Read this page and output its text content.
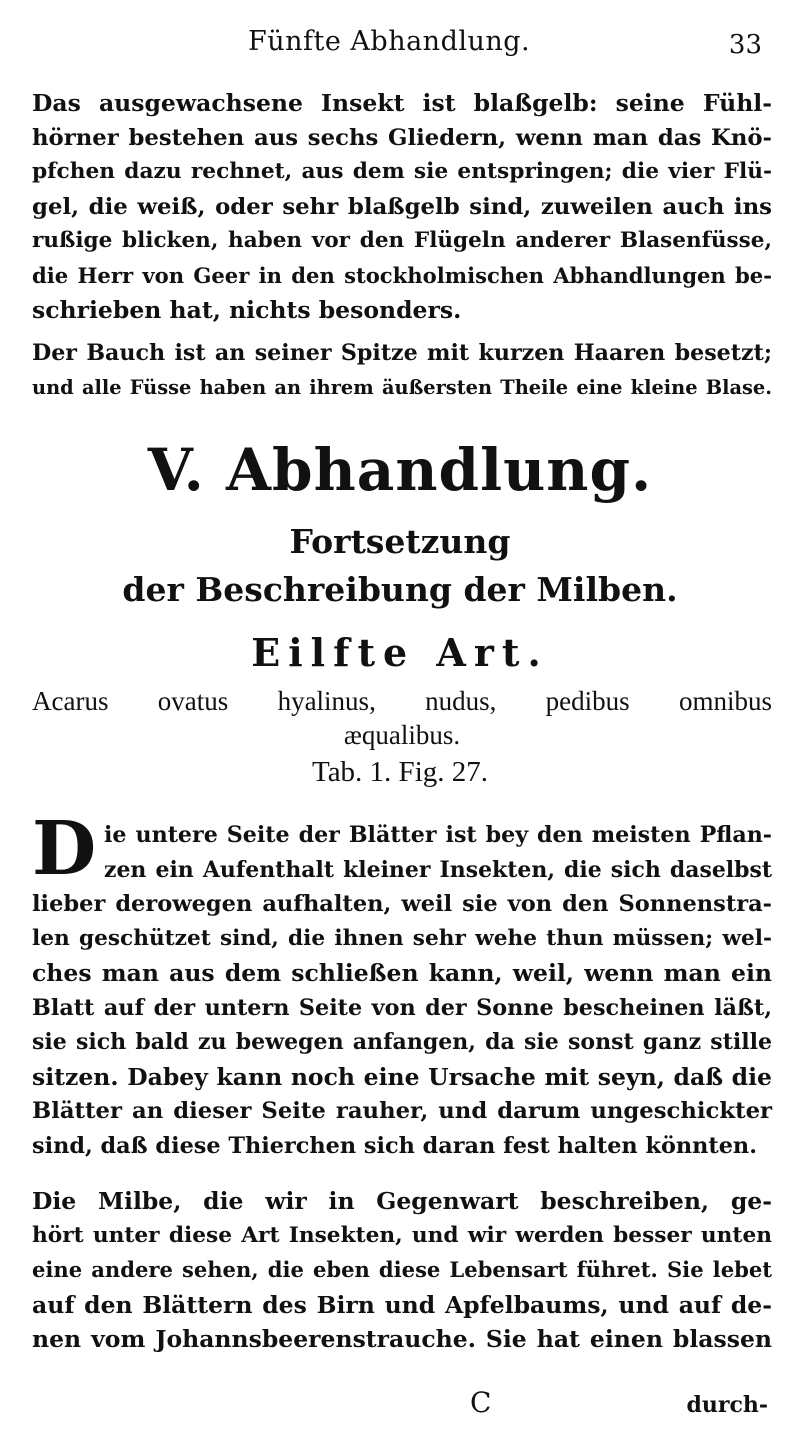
Fünfte Abhandlung.	33
Das ausgewachsene Insekt ist blaßgelb: seine Fühl-
hörner bestehen aus sechs Gliedern, wenn man das Knö-
pfchen dazu rechnet, aus dem sie entspringen; die vier Flü-
gel, die weiß, oder sehr blaßgelb sind, zuweilen auch ins
rußige blicken, haben vor den Flügeln anderer Blasenfüsse,
die Herr von Geer in den stockholmischen Abhandlungen be-
schrieben hat, nichts besonders.
Der Bauch ist an seiner Spitze mit kurzen Haaren besetzt;
und alle Füsse haben an ihrem äußersten Theile eine kleine Blase.
V. Abhandlung.
Fortsetzung
der Beschreibung der Milben.
Eilfte Art.
Acarus ovatus hyalinus, nudus, pedibus omnibus
æqualibus.
Tab. 1. Fig. 27.
D ie untere Seite der Blätter ist bey den meisten Pflan-
zen ein Aufenthalt kleiner Insekten, die sich daselbst
lieber derowegen aufhalten, weil sie von den Sonnenstra-
len geschützet sind, die ihnen sehr wehe thun müssen; wel-
ches man aus dem schließen kann, weil, wenn man ein
Blatt auf der untern Seite von der Sonne bescheinen läßt,
sie sich bald zu bewegen anfangen, da sie sonst ganz stille
sitzen. Dabey kann noch eine Ursache mit seyn, daß die
Blätter an dieser Seite rauher, und darum ungeschickter
sind, daß diese Thierchen sich daran fest halten könnten.
Die Milbe, die wir in Gegenwart beschreiben, ge-
hört unter diese Art Insekten, und wir werden besser unten
eine andere sehen, die eben diese Lebensart führet. Sie lebet
auf den Blättern des Birn und Apfelbaums, und auf de-
nen vom Johannsbeerenstrauche. Sie hat einen blassen
C	durch-
